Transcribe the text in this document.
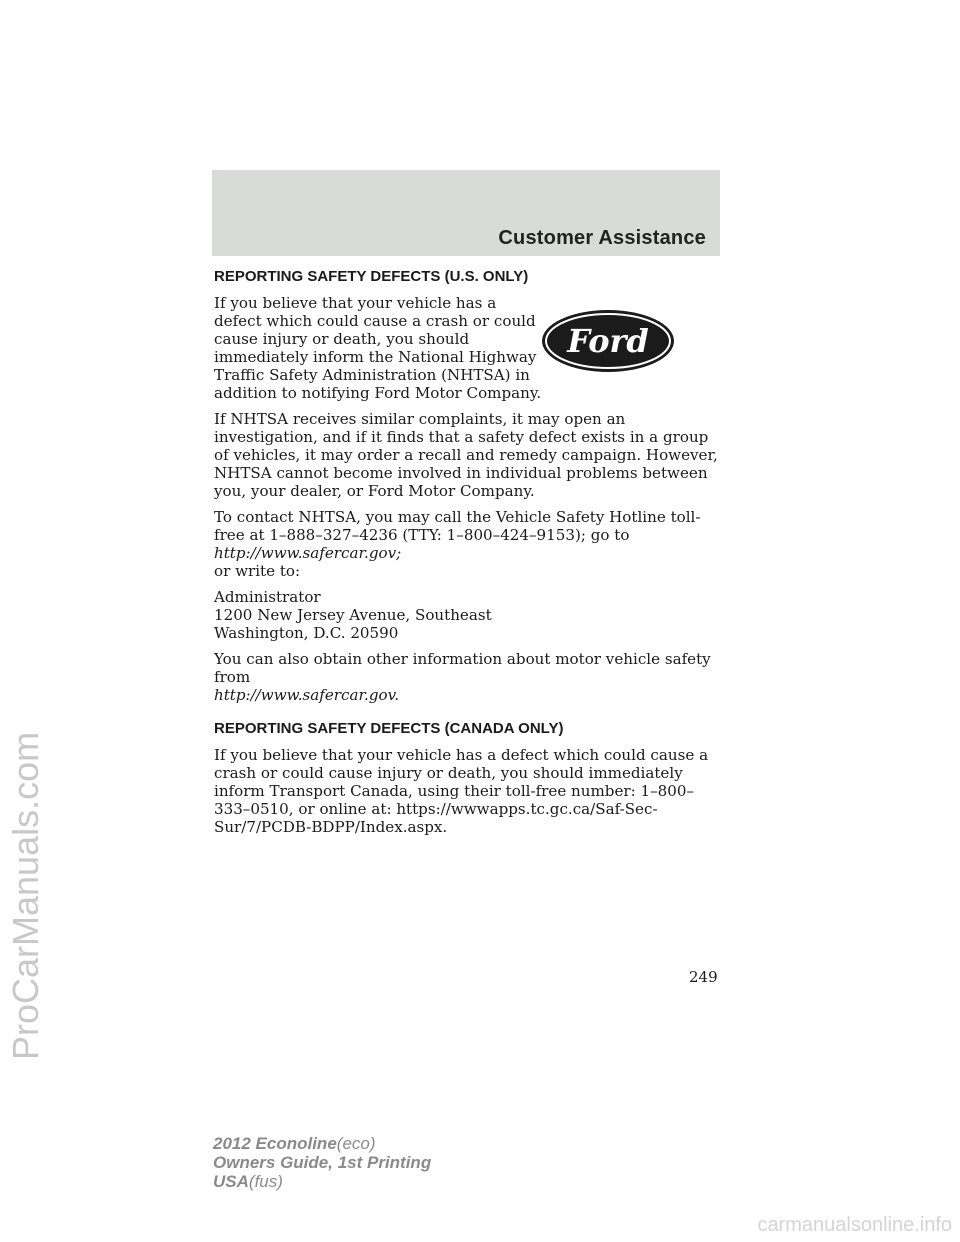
Customer Assistance
REPORTING SAFETY DEFECTS (U.S. ONLY)
Ford

If you believe that your vehicle has a defect which could cause a crash or could cause injury or death, you should immediately inform the National Highway Traffic Safety Administration (NHTSA) in addition to notifying Ford Motor Company.

If NHTSA receives similar complaints, it may open an investigation, and if it finds that a safety defect exists in a group of vehicles, it may order a recall and remedy campaign. However, NHTSA cannot become involved in individual problems between you, your dealer, or Ford Motor Company.

To contact NHTSA, you may call the Vehicle Safety Hotline toll-free at 1–888–327–4236 (TTY: 1–800–424–9153); go to http://www.safercar.gov;
or write to:

Administrator
1200 New Jersey Avenue, Southeast
Washington, D.C. 20590

You can also obtain other information about motor vehicle safety from
http://www.safercar.gov.

REPORTING SAFETY DEFECTS (CANADA ONLY)

If you believe that your vehicle has a defect which could cause a crash or could cause injury or death, you should immediately inform Transport Canada, using their toll-free number: 1–800–333–0510, or online at: https://wwwapps.tc.gc.ca/Saf-Sec-Sur/7/PCDB-BDPP/Index.aspx.

249
2012 Econoline(eco)
Owners Guide, 1st Printing
USA(fus)
ProCarManuals.com
carmanualsonline.info
